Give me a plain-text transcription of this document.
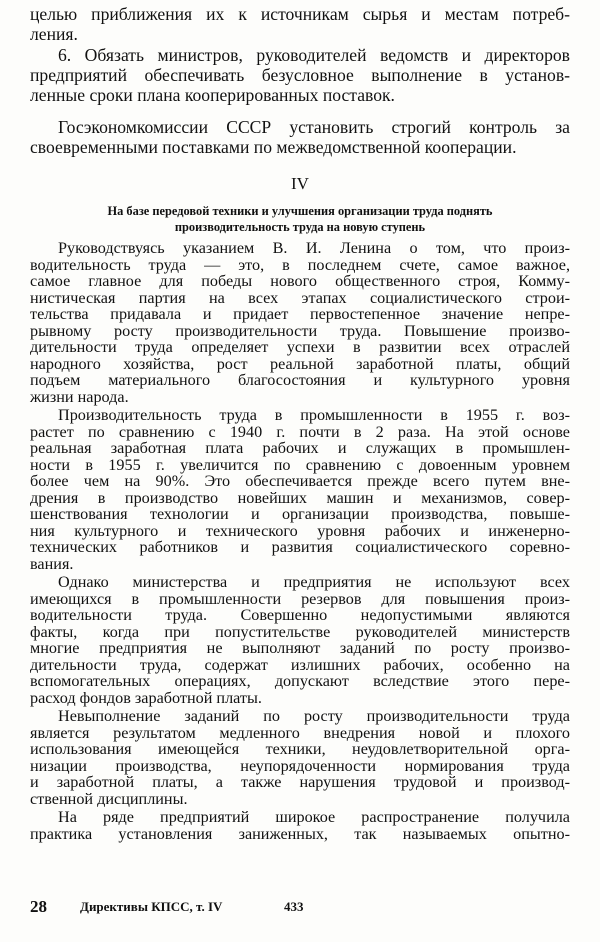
целью приближения их к источникам сырья и местам потреб-
ления.
6. Обязать министров, руководителей ведомств и директоров
предприятий обеспечивать безусловное выполнение в установ-
ленные сроки плана кооперированных поставок.
Госэкономкомиссии СССР установить строгий контроль за
своевременными поставками по межведомственной кооперации.
IV
На базе передовой техники и улучшения организации труда поднять
производительность труда на новую ступень
28	Директивы КПСС, т. IV	433
Руководствуясь указанием В. И. Ленина о том, что произ-
водительность труда — это, в последнем счете, самое важное,
самое главное для победы нового общественного строя, Комму-
нистическая партия на всех этапах социалистического строи-
тельства придавала и придает первостепенное значение непре-
рывному росту производительности труда. Повышение произво-
дительности труда определяет успехи в развитии всех отраслей
народного хозяйства, рост реальной заработной платы, общий
подъем материального благосостояния и культурного уровня
жизни народа.
Производительность труда в промышленности в 1955 г. воз-
растет по сравнению с 1940 г. почти в 2 раза. На этой основе
реальная заработная плата рабочих и служащих в промышлен-
ности в 1955 г. увеличится по сравнению с довоенным уровнем
более чем на 90%. Это обеспечивается прежде всего путем вне-
дрения в производство новейших машин и механизмов, совер-
шенствования технологии и организации производства, повыше-
ния культурного и технического уровня рабочих и инженерно-
технических работников и развития социалистического соревно-
вания.
Однако министерства и предприятия не используют всех
имеющихся в промышленности резервов для повышения произ-
водительности труда. Совершенно недопустимыми являются
факты, когда при попустительстве руководителей министерств
многие предприятия не выполняют заданий по росту произво-
дительности труда, содержат излишних рабочих, особенно на
вспомогательных операциях, допускают вследствие этого пере-
расход фондов заработной платы.
Невыполнение заданий по росту производительности труда
является результатом медленного внедрения новой и плохого
использования имеющейся техники, неудовлетворительной орга-
низации производства, неупорядоченности нормирования труда
и заработной платы, а также нарушения трудовой и производ-
ственной дисциплины.
На ряде предприятий широкое распространение получила
практика установления заниженных, так называемых опытно-
